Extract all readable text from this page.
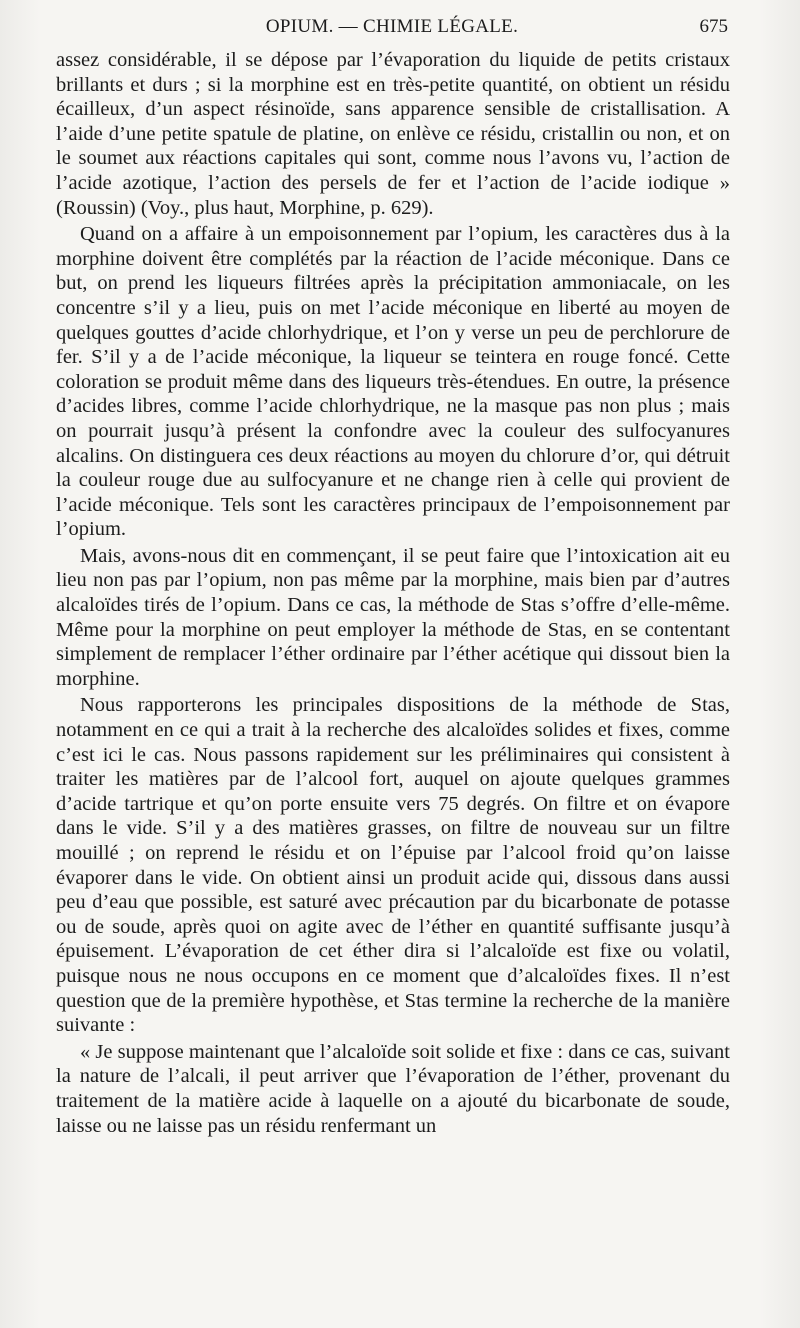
OPIUM. — CHIMIE LÉGALE.	675

assez considérable, il se dépose par l’évaporation du liquide de petits cristaux brillants et durs ; si la morphine est en très-petite quantité, on obtient un résidu écailleux, d’un aspect résinoïde, sans apparence sensible de cristallisation. A l’aide d’une petite spatule de platine, on enlève ce résidu, cristallin ou non, et on le soumet aux réactions capitales qui sont, comme nous l’avons vu, l’action de l’acide azotique, l’action des persels de fer et l’action de l’acide iodique » (Roussin) (Voy., plus haut, Morphine, p. 629).

Quand on a affaire à un empoisonnement par l’opium, les caractères dus à la morphine doivent être complétés par la réaction de l’acide méconique. Dans ce but, on prend les liqueurs filtrées après la précipitation ammoniacale, on les concentre s’il y a lieu, puis on met l’acide méconique en liberté au moyen de quelques gouttes d’acide chlorhydrique, et l’on y verse un peu de perchlorure de fer. S’il y a de l’acide méconique, la liqueur se teintera en rouge foncé. Cette coloration se produit même dans des liqueurs très-étendues. En outre, la présence d’acides libres, comme l’acide chlorhydrique, ne la masque pas non plus ; mais on pourrait jusqu’à présent la confondre avec la couleur des sulfocyanures alcalins. On distinguera ces deux réactions au moyen du chlorure d’or, qui détruit la couleur rouge due au sulfocyanure et ne change rien à celle qui provient de l’acide méconique. Tels sont les caractères principaux de l’empoisonnement par l’opium.

Mais, avons-nous dit en commençant, il se peut faire que l’intoxication ait eu lieu non pas par l’opium, non pas même par la morphine, mais bien par d’autres alcaloïdes tirés de l’opium. Dans ce cas, la méthode de Stas s’offre d’elle-même. Même pour la morphine on peut employer la méthode de Stas, en se contentant simplement de remplacer l’éther ordinaire par l’éther acétique qui dissout bien la morphine.

Nous rapporterons les principales dispositions de la méthode de Stas, notamment en ce qui a trait à la recherche des alcaloïdes solides et fixes, comme c’est ici le cas. Nous passons rapidement sur les préliminaires qui consistent à traiter les matières par de l’alcool fort, auquel on ajoute quelques grammes d’acide tartrique et qu’on porte ensuite vers 75 degrés. On filtre et on évapore dans le vide. S’il y a des matières grasses, on filtre de nouveau sur un filtre mouillé ; on reprend le résidu et on l’épuise par l’alcool froid qu’on laisse évaporer dans le vide. On obtient ainsi un produit acide qui, dissous dans aussi peu d’eau que possible, est saturé avec précaution par du bicarbonate de potasse ou de soude, après quoi on agite avec de l’éther en quantité suffisante jusqu’à épuisement. L’évaporation de cet éther dira si l’alcaloïde est fixe ou volatil, puisque nous ne nous occupons en ce moment que d’alcaloïdes fixes. Il n’est question que de la première hypothèse, et Stas termine la recherche de la manière suivante :

« Je suppose maintenant que l’alcaloïde soit solide et fixe : dans ce cas, suivant la nature de l’alcali, il peut arriver que l’évaporation de l’éther, provenant du traitement de la matière acide à laquelle on a ajouté du bicarbonate de soude, laisse ou ne laisse pas un résidu renfermant un
